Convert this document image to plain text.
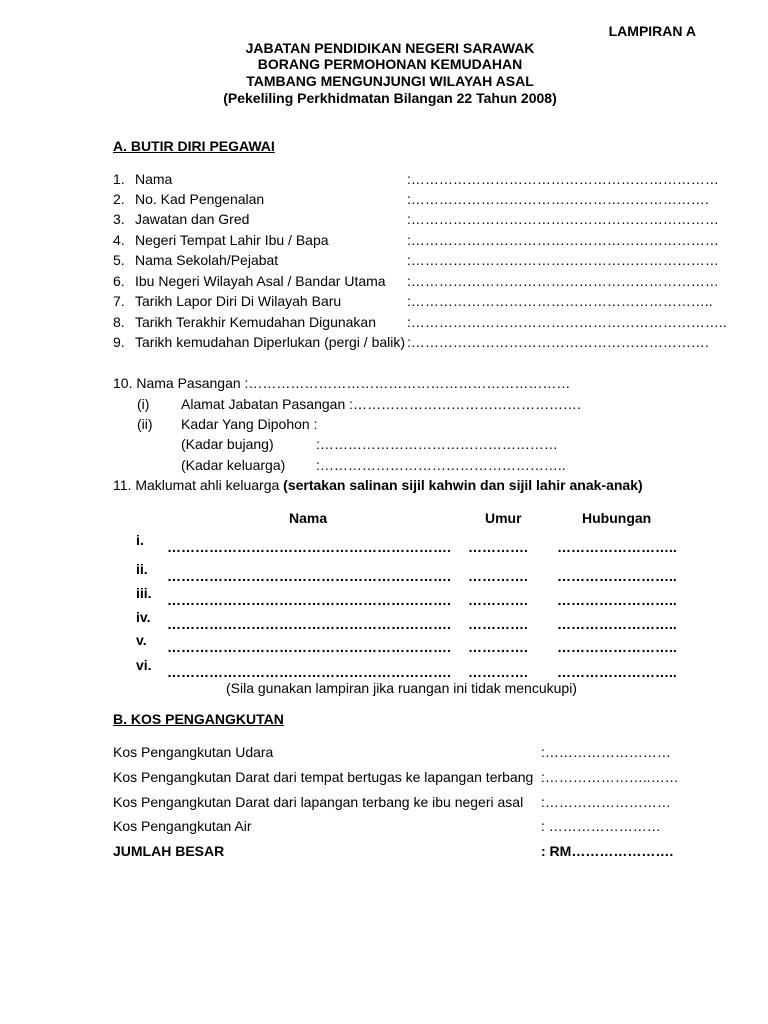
LAMPIRAN A
JABATAN PENDIDIKAN NEGERI SARAWAK
BORANG PERMOHONAN KEMUDAHAN
TAMBANG MENGUNJUNGI WILAYAH ASAL
(Pekeliling Perkhidmatan Bilangan 22 Tahun 2008)
A. BUTIR DIRI PEGAWAI
1. Nama	:…………………………………………………………
2. No. Kad Pengenalan	:……………………………………………………….
3. Jawatan dan Gred	:…………………………………………………………
4. Negeri Tempat Lahir Ibu / Bapa	:…………………………………………………………
5. Nama Sekolah/Pejabat	:…………………………………………………………
6. Ibu Negeri Wilayah Asal / Bandar Utama :…………………………………………………………
7. Tarikh Lapor Diri Di Wilayah Baru	:………………………………………………………..
8. Tarikh Terakhir Kemudahan Digunakan :…………………………………………………………..
9. Tarikh kemudahan Diperlukan (pergi / balik) :……………………………………………………….
10. Nama Pasangan :……………………………………………………………
(i) Alamat Jabatan Pasangan :………………………………………….
(ii) Kadar Yang Dipohon :
(Kadar bujang)	:……………………………………………
(Kadar keluarga) :……………………………………………..
11. Maklumat ahli keluarga (sertakan salinan sijil kahwin dan sijil lahir anak-anak)
Nama	Umur	Hubungan
i. ……………………………………………………. …………. ……………………..
ii. ……………………………………………………. …………. ……………………..
iii. ……………………………………………………. …………. ……………………..
iv. ……………………………………………………. …………. ……………………..
v. ……………………………………………………. …………. ……………………..
vi. ……………………………………………………. …………. ……………………..
(Sila gunakan lampiran jika ruangan ini tidak mencukupi)
B. KOS PENGANGKUTAN
Kos Pengangkutan Udara	:………………………
Kos Pengangkutan Darat dari tempat bertugas ke lapangan terbang :…………………..……
Kos Pengangkutan Darat dari lapangan terbang ke ibu negeri asal :………………………
Kos Pengangkutan Air	: ……………………
JUMLAH BESAR	: RM………………….
